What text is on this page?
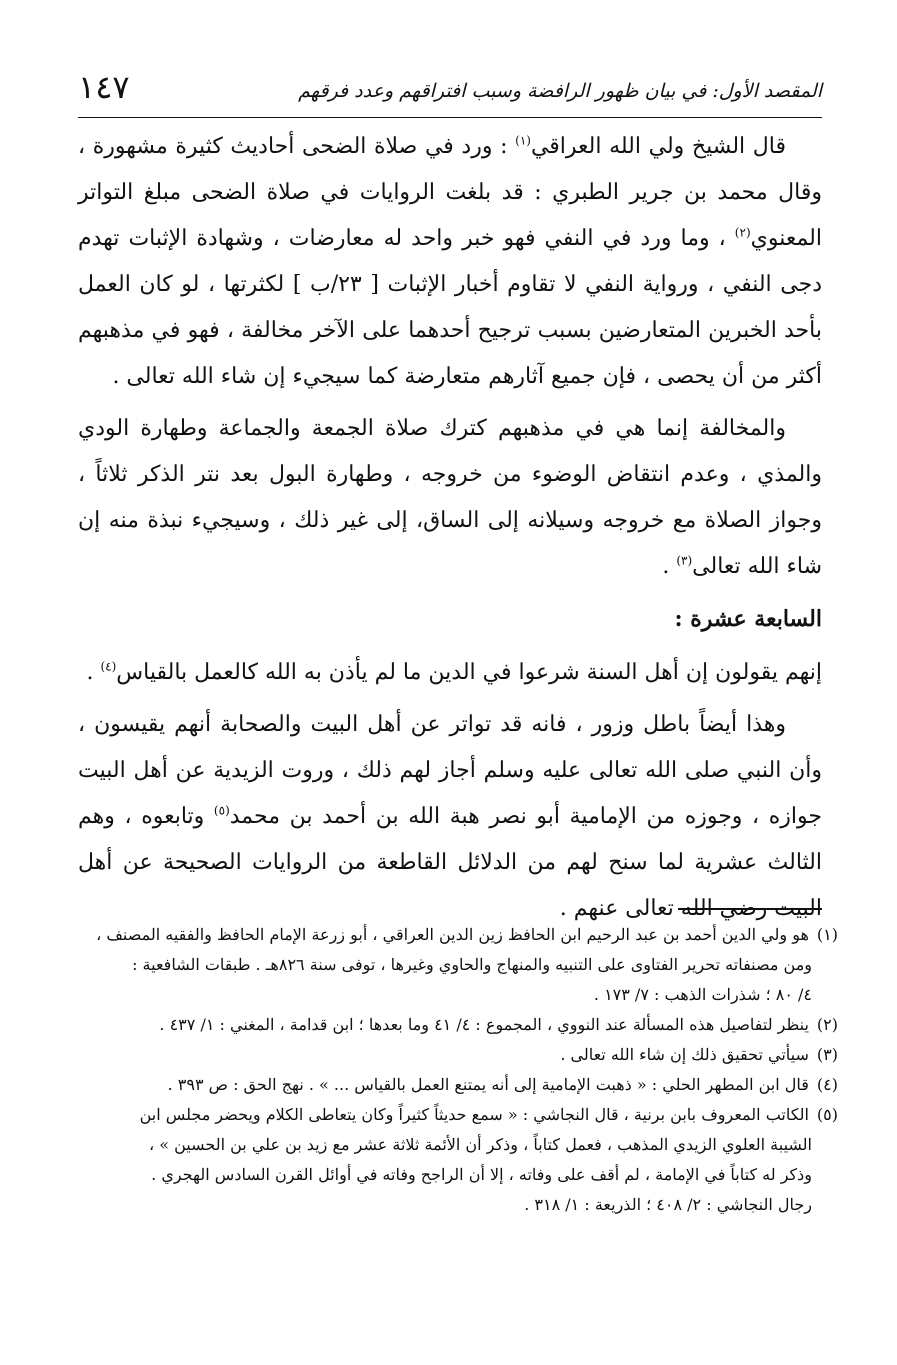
١٤٧	المقصد الأول: في بيان ظهور الرافضة وسبب افتراقهم وعدد فرقهم

قال الشيخ ولي الله العراقي$^{(١)}$ : ورد في صلاة الضحى أحاديث كثيرة مشهورة ، وقال محمد بن جرير الطبري : قد بلغت الروايات في صلاة الضحى مبلغ التواتر المعنوي$^{(٢)}$ ، وما ورد في النفي فهو خبر واحد له معارضات ، وشهادة الإثبات تهدم دجى النفي ، ورواية النفي لا تقاوم أخبار الإثبات [ ٢٣/ب ] لكثرتها ، لو كان العمل بأحد الخبرين المتعارضين بسبب ترجيح أحدهما على الآخر مخالفة ، فهو في مذهبهم أكثر من أن يحصى ، فإن جميع آثارهم متعارضة كما سيجيء إن شاء الله تعالى .

والمخالفة إنما هي في مذهبهم كترك صلاة الجمعة والجماعة وطهارة الودي والمذي ، وعدم انتقاض الوضوء من خروجه ، وطهارة البول بعد نتر الذكر ثلاثاً ، وجواز الصلاة مع خروجه وسيلانه إلى الساق، إلى غير ذلك ، وسيجيء نبذة منه إن شاء الله تعالى$^{(٣)}$ .

السابعة عشرة :

إنهم يقولون إن أهل السنة شرعوا في الدين ما لم يأذن به الله كالعمل بالقياس$^{(٤)}$ .

وهذا أيضاً باطل وزور ، فانه قد تواتر عن أهل البيت والصحابة أنهم يقيسون ، وأن النبي صلى الله تعالى عليه وسلم أجاز لهم ذلك ، وروت الزيدية عن أهل البيت جوازه ، وجوزه من الإمامية أبو نصر هبة الله بن أحمد بن محمد$^{(٥)}$ وتابعوه ، وهم الثالث عشرية لما سنح لهم من الدلائل القاطعة من الروايات الصحيحة عن أهل البيت رضي الله تعالى عنهم .

(١) هو ولي الدين أحمد بن عبد الرحيم ابن الحافظ زين الدين العراقي ، أبو زرعة الإمام الحافظ والفقيه المصنف ،
ومن مصنفاته تحرير الفتاوى على التنبيه والمنهاج والحاوي وغيرها ، توفى سنة ٨٢٦هـ . طبقات الشافعية :
٤/ ٨٠ ؛ شذرات الذهب : ٧/ ١٧٣ .
(٢) ينظر لتفاصيل هذه المسألة عند النووي ، المجموع : ٤/ ٤١ وما بعدها ؛ ابن قدامة ، المغني : ١/ ٤٣٧ .
(٣) سيأتي تحقيق ذلك إن شاء الله تعالى .
(٤) قال ابن المطهر الحلي : « ذهبت الإمامية إلى أنه يمتنع العمل بالقياس ... » . نهج الحق : ص ٣٩٣ .
(٥) الكاتب المعروف بابن برنية ، قال النجاشي : « سمع حديثاً كثيراً وكان يتعاطى الكلام ويحضر مجلس ابن
الشيبة العلوي الزيدي المذهب ، فعمل كتاباً ، وذكر أن الأئمة ثلاثة عشر مع زيد بن علي بن الحسين » ،
وذكر له كتاباً في الإمامة ، لم أقف على وفاته ، إلا أن الراجح وفاته في أوائل القرن السادس الهجري .
رجال النجاشي : ٢/ ٤٠٨ ؛ الذريعة : ١/ ٣١٨ .
